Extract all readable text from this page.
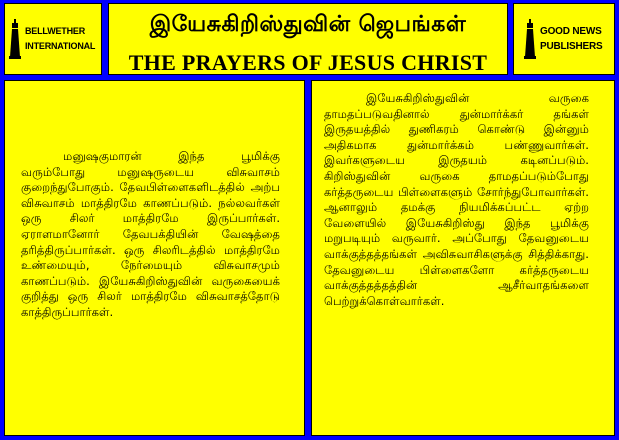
BELLWETHER
INTERNATIONAL
இயேசுகிறிஸ்துவின் ஜெபங்கள்
THE PRAYERS OF JESUS CHRIST
GOOD NEWS
PUBLISHERS

மனுஷகுமாரன் இந்த பூமிக்கு வரும்போது மனுஷருடைய விசுவாசம் குறைந்துபோகும். தேவபிள்ளைகளிடத்தில் அற்ப விசுவாசம் மாத்திரமே காணப்படும். நல்லவர்கள் ஒரு சிலர் மாத்திரமே இருப்பார்கள். ஏராளமானோர் தேவபக்தியின் வேஷத்தை தரித்திருப்பார்கள். ஒரு சிலரிடத்தில் மாத்திரமே உண்மையும், நேர்மையும் விசுவாசமும் காணப்படும். இயேசுகிறிஸ்துவின் வருகையைக் குறித்து ஒரு சிலர் மாத்திரமே விசுவாசத்தோடு காத்திருப்பார்கள்.

இயேசுகிறிஸ்துவின் வருகை தாமதப்படுவதினால் துன்மார்க்கர் தங்கள் இருதயத்தில் துணிகரம் கொண்டு இன்னும் அதிகமாக துன்மார்க்கம் பண்ணுவார்கள். இவர்களுடைய இருதயம் கடினப்படும். கிறிஸ்துவின் வருகை தாமதப்படும்போது கர்த்தருடைய பிள்ளைகளும் சோர்ந்துபோவார்கள். ஆனாலும் தமக்கு நியமிக்கப்பட்ட ஏற்ற வேளையில் இயேசுகிறிஸ்து இந்த பூமிக்கு மறுபடியும் வருவார். அப்போது தேவனுடைய வாக்குத்தத்தங்கள் அவிசுவாசிகளுக்கு சித்திக்காது. தேவனுடைய பிள்ளைகளோ கர்த்தருடைய வாக்குத்தத்தத்தின் ஆசீர்வாதங்களை பெற்றுக்கொள்வார்கள்.
